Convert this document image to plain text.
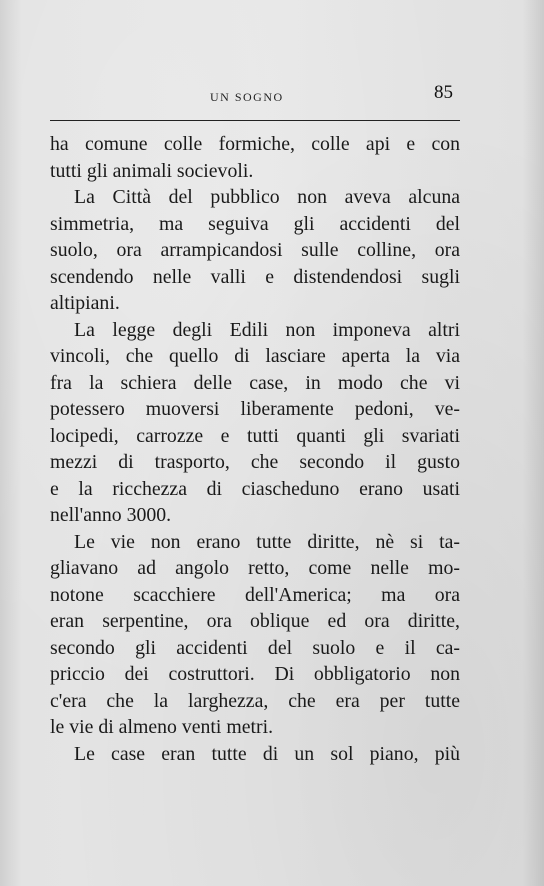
UN SOGNO	85
ha comune colle formiche, colle api e con
tutti gli animali socievoli.
La Città del pubblico non aveva alcuna
simmetria, ma seguiva gli accidenti del
suolo, ora arrampicandosi sulle colline, ora
scendendo nelle valli e distendendosi sugli
altipiani.
La legge degli Edili non imponeva altri
vincoli, che quello di lasciare aperta la via
fra la schiera delle case, in modo che vi
potessero muoversi liberamente pedoni, ve-
locipedi, carrozze e tutti quanti gli svariati
mezzi di trasporto, che secondo il gusto
e la ricchezza di ciascheduno erano usati
nell'anno 3000.
Le vie non erano tutte diritte, nè si ta-
gliavano ad angolo retto, come nelle mo-
notone scacchiere dell'America; ma ora
eran serpentine, ora oblique ed ora diritte,
secondo gli accidenti del suolo e il ca-
priccio dei costruttori. Di obbligatorio non
c'era che la larghezza, che era per tutte
le vie di almeno venti metri.
Le case eran tutte di un sol piano, più
